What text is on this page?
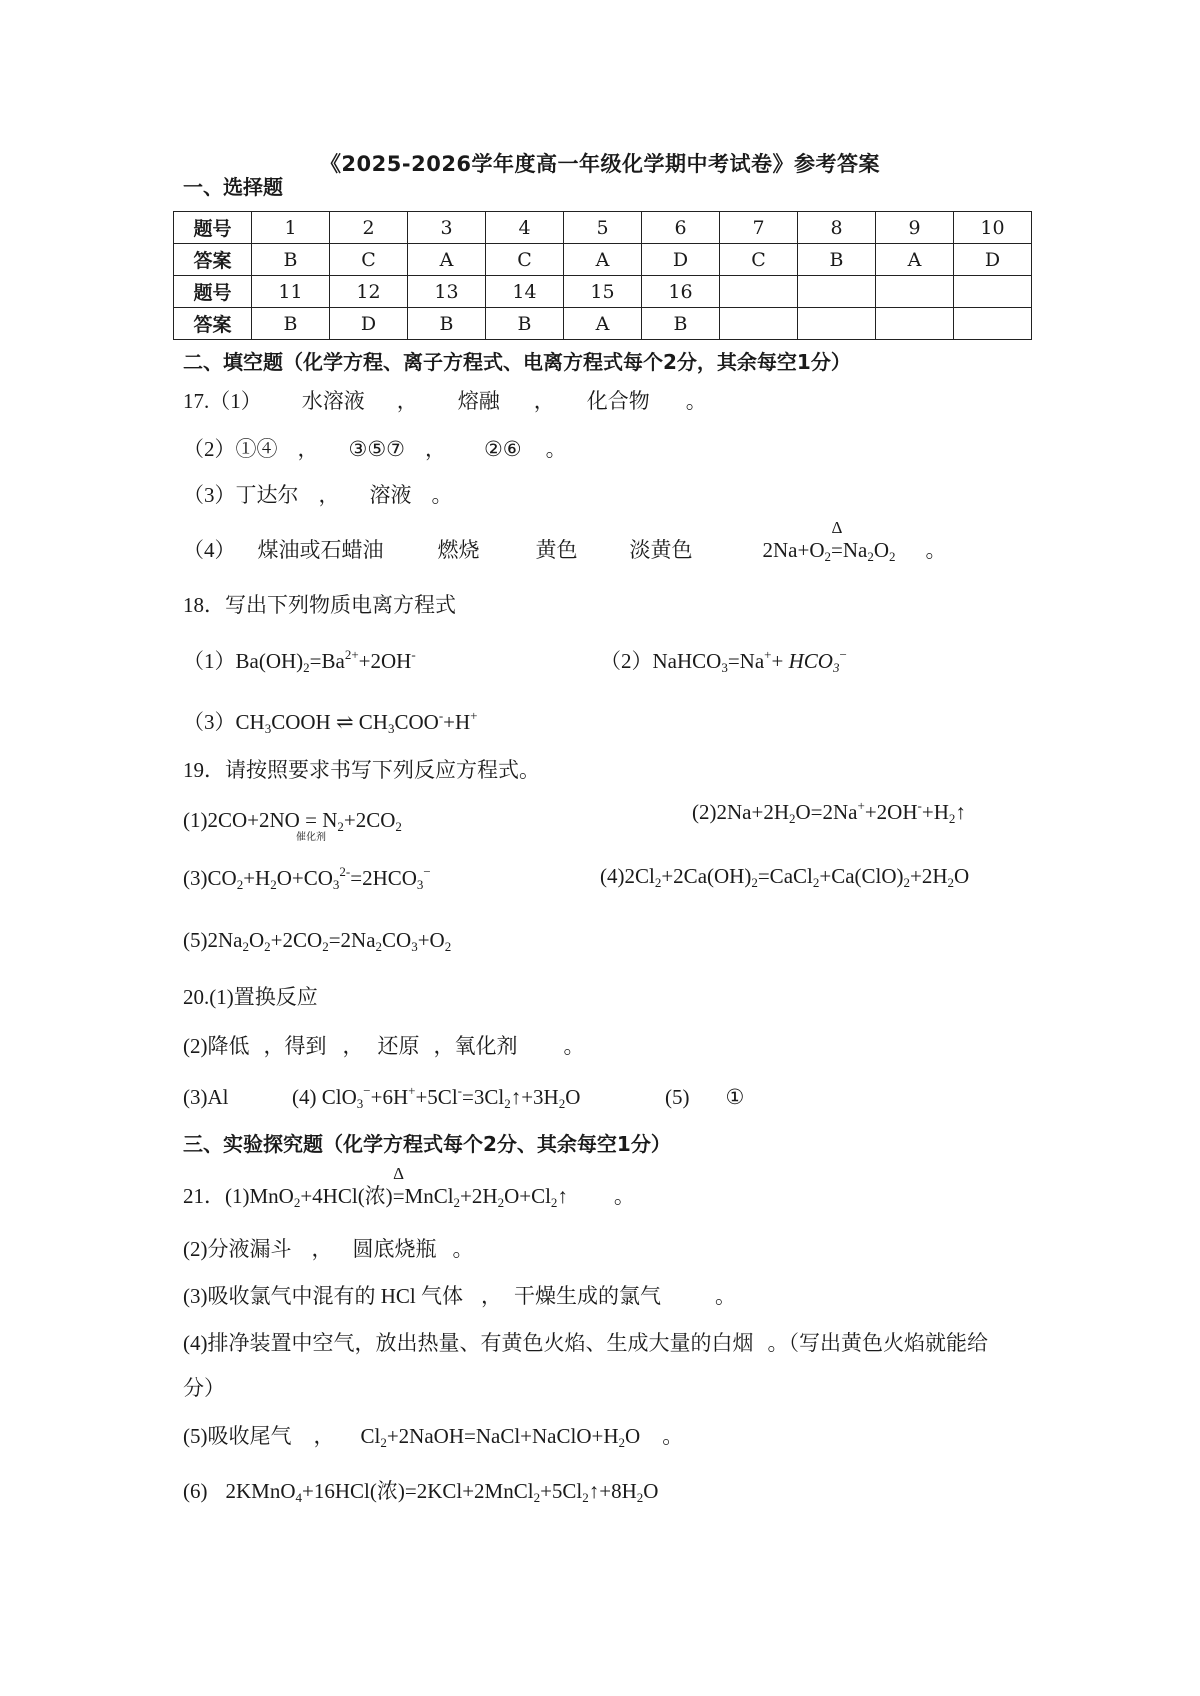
《2025-2026学年度高一年级化学期中考试卷》参考答案
一、选择题
题号	1	2	3	4	5	6	7	8	9	10
答案	B	C	A	C	A	D	C	B	A	D
题号	11	12	13	14	15	16				
答案	B	D	B	B	A	B				
二、填空题（化学方程、离子方程式、电离方程式每个2分，其余每空1分）
17.（1） 水溶液 ， 熔融 ， 化合物 。
（2）①④ ， ③⑤⑦ ， ②⑥ 。
（3）丁达尔 ， 溶液 。
（4） 煤油或石蜡油	燃烧	黄色 淡黄色	$2Na+O_2$
Δ
$=Na_2O_2$ 。
18．写出下列物质电离方程式
$(1)Ba(OH)_2=Ba^{2+}+2OH^-$	（2）NaHCO$_3$=Na++ $HCO_3^-$
$(3)CH_3COOH$ ⇌ $CH_3COO^-+H^+$
19．请按照要求书写下列反应方程式。
(1)2CO+2NO =
催化剂
$N_2+2CO_2$
$(2)2Na+2H_2O=2Na^++2OH^-+H_2↑$
$(3)CO_2+H_2O+CO_3^{2-}=2HCO_3^-$	$(4)2Cl_2+2Ca(OH)_2=CaCl_2+Ca(ClO)_2+2H_2O$
$(5)2Na_2O_2+2CO_2=2Na_2CO_3+O_2$
20.(1)置换反应
(2)降低 ，得到 ， 还原 ，氧化剂 。
(3)Al	(4) $ClO_3^-+6H^++5Cl^-=3Cl_2↑+3H_2O$	(5) ①
三、实验探究题（化学方程式每个2分、其余每空1分）
21．(1)MnO$_2$+4HCl(浓)
Δ
$=MnCl_2+2H_2O+Cl_2↑$ 。
(2)分液漏斗 ， 圆底烧瓶 。
(3)吸收氯气中混有的 HCl 气体 ， 干燥生成的氯气	。
(4)排净装置中空气，放出热量、有黄色火焰、生成大量的白烟 。（写出黄色火焰就能给
分）
(5)吸收尾气 ， $Cl_2+2NaOH=NaCl+NaClO+H_2O$ 。
(6) 2KMnO$_4$+16HCl(浓)$=2KCl+2MnCl_2+5Cl_2↑+8H_2O$
